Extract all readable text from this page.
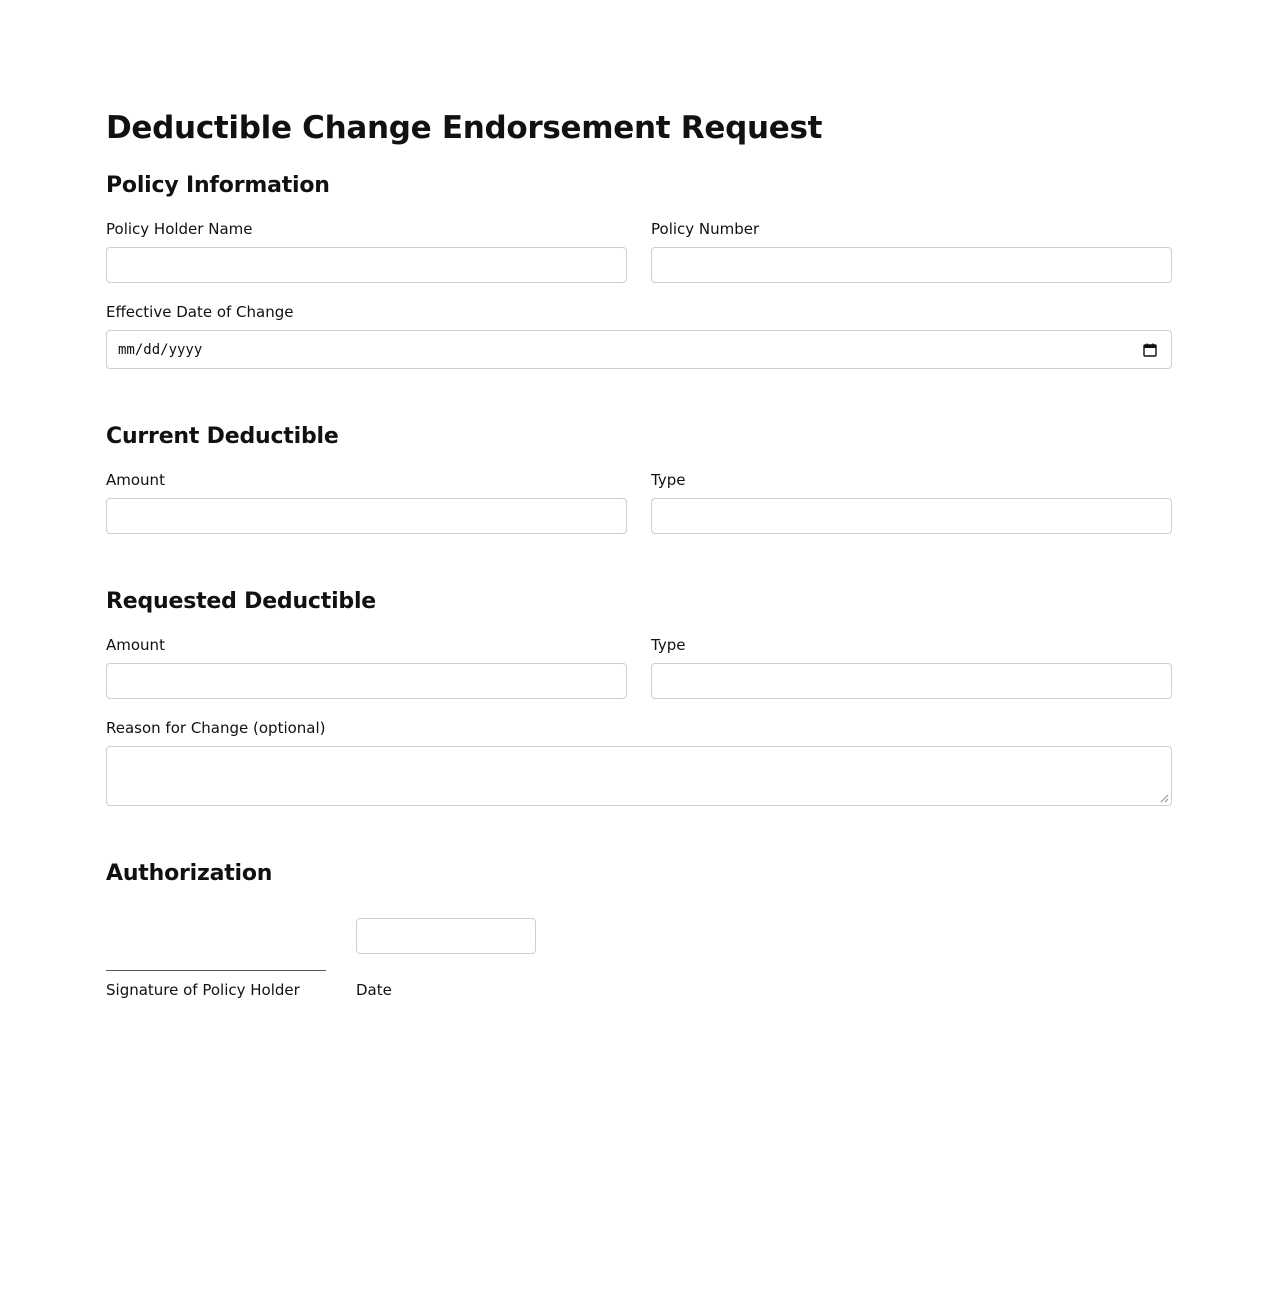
Deductible Change Endorsement Request
Policy Information
Policy Holder Name	Policy Number
Effective Date of Change
mm/dd/yyyy
Current Deductible
Amount	Type
Requested Deductible
Amount	Type
Reason for Change (optional)
Authorization
Signature of Policy Holder	Date
